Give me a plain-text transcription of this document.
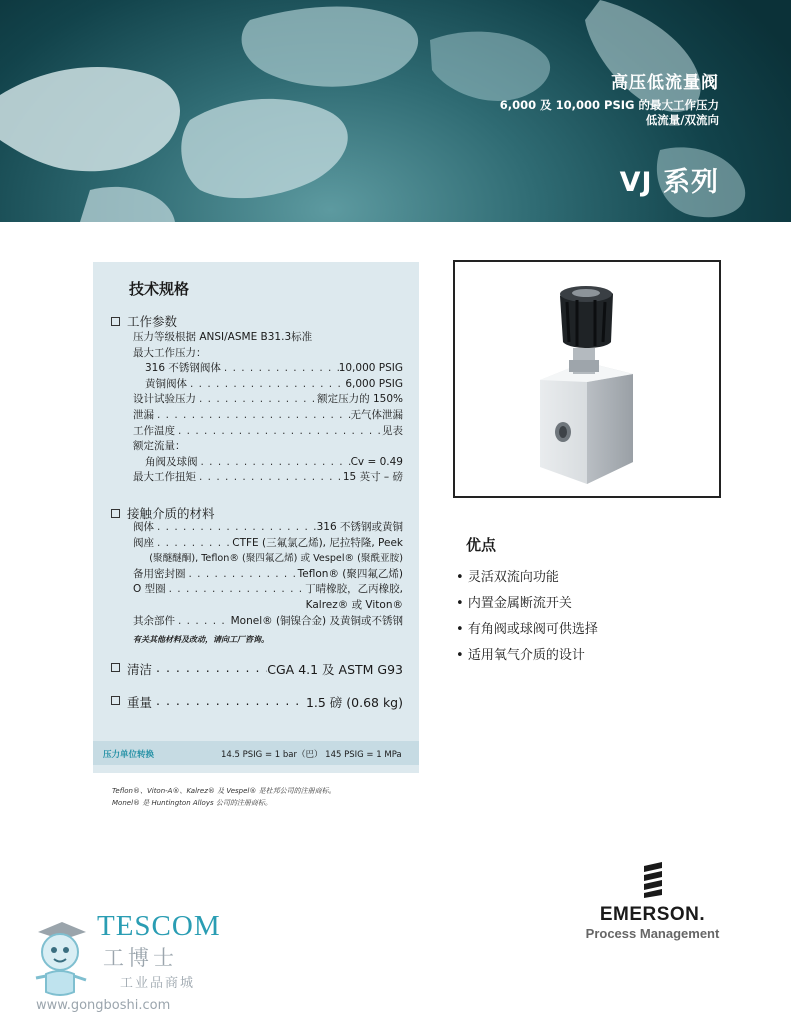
高压低流量阀
6,000 及 10,000 PSIG 的最大工作压力
低流量/双流向
VJ 系列
技术规格
工作参数
压力等级根据 ANSI/ASME B31.3标准
最大工作压力：
316 不锈钢阀体 . . .	10,000 PSIG
黄铜阀体 . . .	6,000 PSIG
设计试验压力 . . .	额定压力的 150%
泄漏 . . .	无气体泄漏
工作温度 . . .	见表
额定流量：
角阀及球阀 . . .	Cv = 0.49
最大工作扭矩 . . .	15 英寸 – 磅
接触介质的材料
阀体 . . .	316 不锈钢或黄铜
阀座 . . .	CTFE (三氟氯乙烯), 尼拉特隆, Peek
(聚醚醚酮), Teflon® (聚四氟乙烯) 或 Vespel® (聚酰亚胺)
备用密封圈 . . .	Teflon® (聚四氟乙烯)
O 型圈 . . .	丁晴橡胶，乙丙橡胶,
Kalrez® 或 Viton®
其余部件 . . .	Monel® (铜镍合金) 及黄铜或不锈钢
有关其他材料及改动，请向工厂咨询。
清洁 . . .	CGA 4.1 及 ASTM G93
重量 . . .	1.5 磅 (0.68 kg)
压力单位转换	14.5 PSIG = 1 bar（巴） 145 PSIG = 1 MPa
Teflon®、Viton-A®、Kalrez® 及 Vespel® 是杜邦公司的注册商标。
Monel® 是 Huntington Alloys 公司的注册商标。
优点
• 灵活双流向功能
• 内置金属断流开关
• 有角阀或球阀可供选择
• 适用氧气介质的设计
EMERSON.
Process Management
TESCOM
工博士
工业品商城
www.gongboshi.com
